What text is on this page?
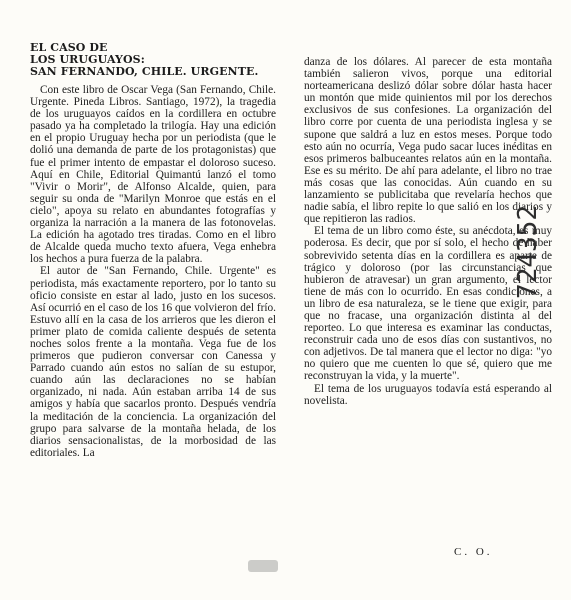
EL CASO DE
LOS URUGUAYOS:
SAN FERNANDO, CHILE. URGENTE.

Con este libro de Oscar Vega (San Fernando, Chile. Urgente. Pineda Libros. Santiago, 1972), la tragedia de los uruguayos caídos en la cordillera en octubre pasado ya ha completado la trilogía. Hay una edición en el propio Uruguay hecha por un periodista (que le dolió una demanda de parte de los protagonistas) que fue el primer intento de empastar el doloroso suceso. Aquí en Chile, Editorial Quimantú lanzó el tomo "Vivir o Morir", de Alfonso Alcalde, quien, para seguir su onda de "Marilyn Monroe que estás en el cielo", apoya su relato en abundantes fotografías y organiza la narración a la manera de las fotonovelas. La edición ha agotado tres tiradas. Como en el libro de Alcalde queda mucho texto afuera, Vega enhebra los hechos a pura fuerza de la palabra.

El autor de "San Fernando, Chile. Urgente" es periodista, más exactamente reportero, por lo tanto su oficio consiste en estar al lado, justo en los sucesos. Así ocurrió en el caso de los 16 que volvieron del frío. Estuvo allí en la casa de los arrieros que les dieron el primer plato de comida caliente después de setenta noches solos frente a la montaña. Vega fue de los primeros que pudieron conversar con Canessa y Parrado cuando aún estos no salían de su estupor, cuando aún las declaraciones no se habían organizado, ni nada. Aún estaban arriba 14 de sus amigos y había que sacarlos pronto. Después vendría la meditación de la conciencia. La organización del grupo para salvarse de la montaña helada, de los diarios sensacionalistas, de la morbosidad de las editoriales. La

danza de los dólares. Al parecer de esta montaña también salieron vivos, porque una editorial norteamericana deslizó dólar sobre dólar hasta hacer un montón que mide quinientos mil por los derechos exclusivos de sus confesiones. La organización del libro corre por cuenta de una periodista inglesa y se supone que saldrá a luz en estos meses. Porque todo esto aún no ocurría, Vega pudo sacar luces inéditas en esos primeros balbuceantes relatos aún en la montaña. Ese es su mérito. De ahí para adelante, el libro no trae más cosas que las conocidas. Aún cuando en su lanzamiento se publicitaba que revelaría hechos que nadie sabía, el libro repite lo que salió en los diarios y que repitieron las radios.

El tema de un libro como éste, su anécdota, es muy poderosa. Es decir, que por sí solo, el hecho de haber sobrevivido setenta días en la cordillera es aparte de trágico y doloroso (por las circunstancias que hubieron de atravesar) un gran argumento, el lector tiene de más con lo ocurrido. En esas condiciones, a un libro de esa naturaleza, se le tiene que exigir, para que no fracase, una organización distinta al del reporteo. Lo que interesa es examinar las conductas, reconstruir cada uno de esos días con sustantivos, no con adjetivos. De tal manera que el lector no diga: "yo no quiero que me cuenten lo que sé, quiero que me reconstruyan la vida, y la muerte".

El tema de los uruguayos todavía está esperando al novelista.

C. O.
724352
